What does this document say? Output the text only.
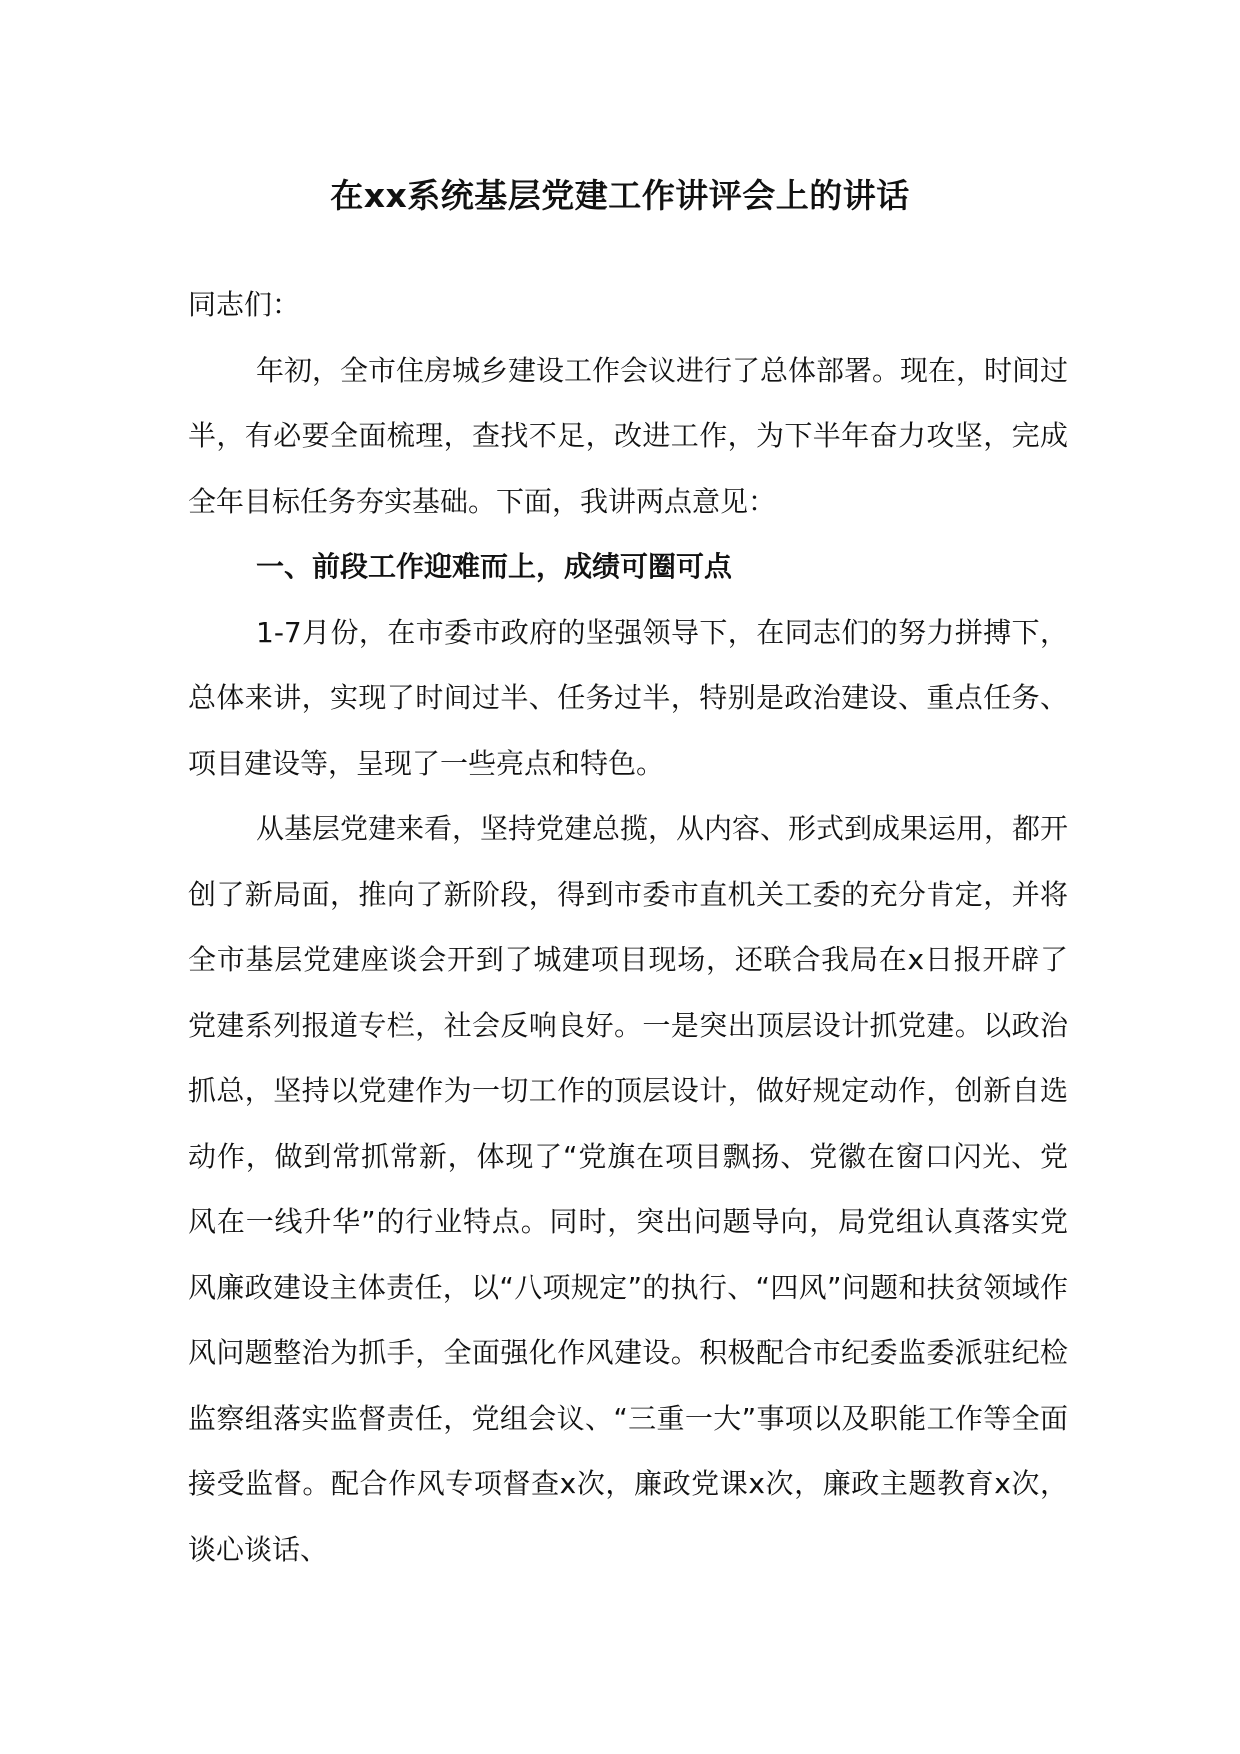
在xx系统基层党建工作讲评会上的讲话

同志们：

年初，全市住房城乡建设工作会议进行了总体部署。现在，时间过半，有必要全面梳理，查找不足，改进工作，为下半年奋力攻坚，完成全年目标任务夯实基础。下面，我讲两点意见：

一、前段工作迎难而上，成绩可圈可点

1-7月份，在市委市政府的坚强领导下，在同志们的努力拼搏下，总体来讲，实现了时间过半、任务过半，特别是政治建设、重点任务、项目建设等，呈现了一些亮点和特色。

从基层党建来看，坚持党建总揽，从内容、形式到成果运用，都开创了新局面，推向了新阶段，得到市委市直机关工委的充分肯定，并将全市基层党建座谈会开到了城建项目现场，还联合我局在x日报开辟了党建系列报道专栏，社会反响良好。一是突出顶层设计抓党建。以政治抓总，坚持以党建作为一切工作的顶层设计，做好规定动作，创新自选动作，做到常抓常新，体现了“党旗在项目飘扬、党徽在窗口闪光、党风在一线升华”的行业特点。同时，突出问题导向，局党组认真落实党风廉政建设主体责任，以“八项规定”的执行、“四风”问题和扶贫领域作风问题整治为抓手，全面强化作风建设。积极配合市纪委监委派驻纪检监察组落实监督责任，党组会议、“三重一大”事项以及职能工作等全面接受监督。配合作风专项督查x次，廉政党课x次，廉政主题教育x次，谈心谈话、
